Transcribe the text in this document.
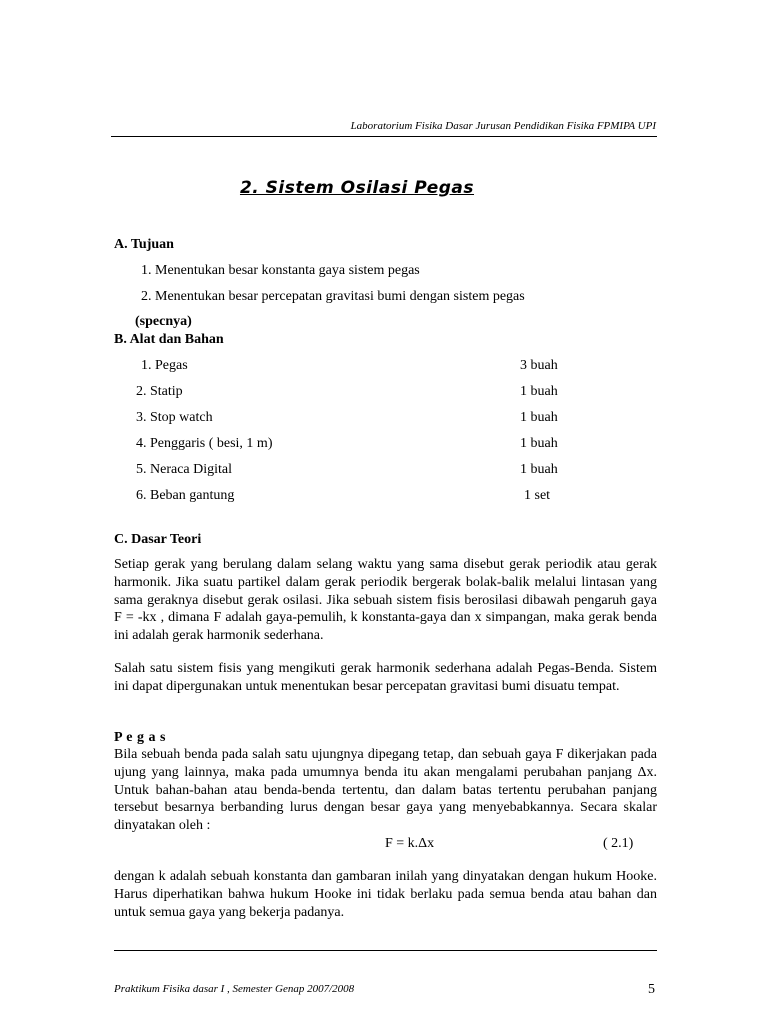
Laboratorium Fisika Dasar Jurusan Pendidikan Fisika FPMIPA UPI
2. Sistem Osilasi Pegas
A. Tujuan
1. Menentukan besar konstanta gaya sistem pegas
2. Menentukan besar percepatan gravitasi bumi dengan sistem pegas
(specnya)
B. Alat dan Bahan
1. Pegas	3 buah
2. Statip	1 buah
3. Stop watch	1 buah
4. Penggaris ( besi, 1 m)	1 buah
5. Neraca Digital	1 buah
6. Beban gantung	1 set
C. Dasar Teori
Setiap gerak yang berulang dalam selang waktu yang sama disebut gerak periodik atau gerak harmonik. Jika suatu partikel dalam gerak periodik bergerak bolak-balik melalui lintasan yang sama geraknya disebut gerak osilasi. Jika sebuah sistem fisis berosilasi dibawah pengaruh gaya F = -kx , dimana F adalah gaya-pemulih, k konstanta-gaya dan x simpangan, maka gerak benda ini adalah gerak harmonik sederhana.
Salah satu sistem fisis yang mengikuti gerak harmonik sederhana adalah Pegas-Benda. Sistem ini dapat dipergunakan untuk menentukan besar percepatan gravitasi bumi disuatu tempat.
P e g a s
Bila sebuah benda pada salah satu ujungnya dipegang tetap, dan sebuah gaya F dikerjakan pada ujung yang lainnya, maka pada umumnya benda itu akan mengalami perubahan panjang Δx. Untuk bahan-bahan atau benda-benda tertentu, dan dalam batas tertentu perubahan panjang tersebut besarnya berbanding lurus dengan besar gaya yang menyebabkannya. Secara skalar dinyatakan oleh :
F = k.Δx	( 2.1)
dengan k adalah sebuah konstanta dan gambaran inilah yang dinyatakan dengan hukum Hooke. Harus diperhatikan bahwa hukum Hooke ini tidak berlaku pada semua benda atau bahan dan untuk semua gaya yang bekerja padanya.
Praktikum Fisika dasar I , Semester Genap 2007/2008	5
